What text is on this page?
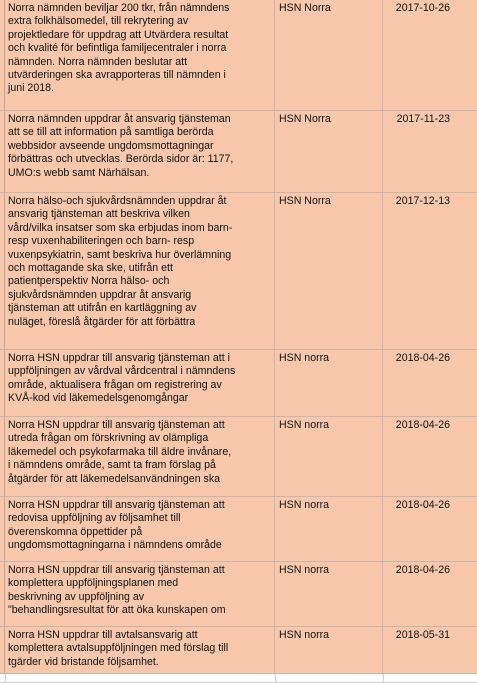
Norra nämnden beviljar 200 tkr, från nämndens
extra folkhälsomedel, till rekrytering av
projektledare för uppdrag att Utvärdera resultat
och kvalité för befintliga familjecentraler i norra
nämnden. Norra nämnden beslutar att
utvärderingen ska avrapporteras till nämnden i
juni 2018.
HSN Norra	2017-10-26
Norra nämnden uppdrar åt ansvarig tjänsteman
att se till att information på samtliga berörda
webbsidor avseende ungdomsmottagningar
förbättras och utvecklas. Berörda sidor är: 1177,
UMO:s webb samt Närhälsan.
HSN Norra	2017-11-23
Norra hälso-och sjukvårdsnämnden uppdrar åt
ansvarig tjänsteman att beskriva vilken
vård/vilka insatser som ska erbjudas inom barn-
resp vuxenhabiliteringen och barn- resp
vuxenpsykiatrin, samt beskriva hur överlämning
och mottagande ska ske, utifrån ett
patientperspektiv Norra hälso- och
sjukvårdsnämnden uppdrar åt ansvarig
tjänsteman att utifrån en kartläggning av
nuläget, föreslå åtgärder för att förbättra
HSN Norra	2017-12-13
Norra HSN uppdrar till ansvarig tjänsteman att i
uppföljningen av vårdval vårdcentral i nämndens
område, aktualisera frågan om registrering av
KVÅ-kod vid läkemedelsgenomgångar
HSN norra	2018-04-26
Norra HSN uppdrar till ansvarig tjänsteman att
utreda frågan om förskrivning av olämpliga
läkemedel och psykofarmaka till äldre invånare,
i nämndens område, samt ta fram förslag på
åtgärder för att läkemedelsanvändningen ska
HSN norra	2018-04-26
Norra HSN uppdrar till ansvarig tjänsteman att
redovisa uppföljning av följsamhet till
överenskomna öppettider på
ungdomsmottagningarna i nämndens område
HSN norra	2018-04-26
Norra HSN uppdrar till ansvarig tjänsteman att
komplettera uppföljningsplanen med
beskrivning av uppföljning av
"behandlingsresultat för att öka kunskapen om
HSN norra	2018-04-26
Norra HSN uppdrar till avtalsansvarig att
komplettera avtalsuppföljningen med förslag till
tgärder vid bristande följsamhet.
HSN norra	2018-05-31
